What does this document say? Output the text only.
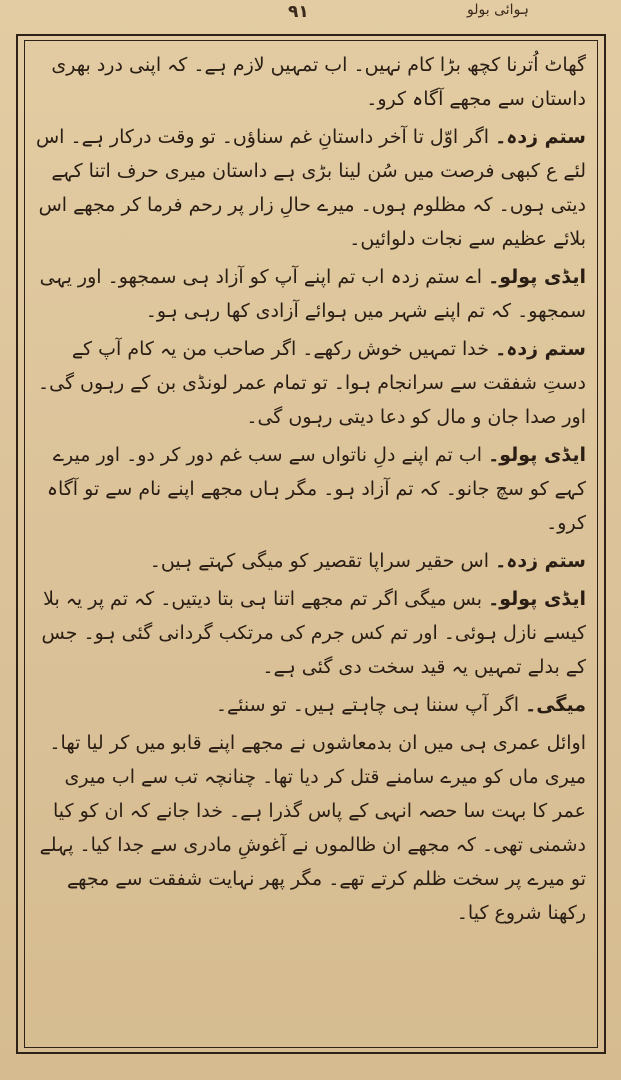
۹۱	ہوائی بولو

گھاٹ اُترنا کچھ بڑا کام نہیں۔ اب تمہیں لازم ہے۔ کہ اپنی درد بھری داستان سے مجھے آگاہ کرو۔

ستم زدہ۔ اگر اوّل تا آخر داستانِ غم سناؤں۔ تو وقت درکار ہے۔ اس لئے ع کبھی فرصت میں سُن لینا بڑی ہے داستان میری حرف اتنا کہے دیتی ہوں۔ کہ مظلوم ہوں۔ میرے حالِ زار پر رحم فرما کر مجھے اس بلائے عظیم سے نجات دلوائیں۔

ایڈی پولو۔ اے ستم زدہ اب تم اپنے آپ کو آزاد ہی سمجھو۔ اور یہی سمجھو۔ کہ تم اپنے شہر میں ہوائے آزادی کھا رہی ہو۔

ستم زدہ۔ خدا تمہیں خوش رکھے۔ اگر صاحب من یہ کام آپ کے دستِ شفقت سے سرانجام ہوا۔ تو تمام عمر لونڈی بن کے رہوں گی۔ اور صدا جان و مال کو دعا دیتی رہوں گی۔

ایڈی پولو۔ اب تم اپنے دلِ ناتواں سے سب غم دور کر دو۔ اور میرے کہے کو سچ جانو۔ کہ تم آزاد ہو۔ مگر ہاں مجھے اپنے نام سے تو آگاہ کرو۔

ستم زدہ۔ اس حقیر سراپا تقصیر کو میگی کہتے ہیں۔

ایڈی پولو۔ بس میگی اگر تم مجھے اتنا ہی بتا دیتیں۔ کہ تم پر یہ بلا کیسے نازل ہوئی۔ اور تم کس جرم کی مرتکب گردانی گئی ہو۔ جس کے بدلے تمہیں یہ قید سخت دی گئی ہے۔

میگی۔ اگر آپ سننا ہی چاہتے ہیں۔ تو سنئے۔

اوائل عمری ہی میں ان بدمعاشوں نے مجھے اپنے قابو میں کر لیا تھا۔ میری ماں کو میرے سامنے قتل کر دیا تھا۔ چنانچہ تب سے اب میری عمر کا بہت سا حصہ انہی کے پاس گذرا ہے۔ خدا جانے کہ ان کو کیا دشمنی تھی۔ کہ مجھے ان ظالموں نے آغوشِ مادری سے جدا کیا۔ پہلے تو میرے پر سخت ظلم کرتے تھے۔ مگر پھر نہایت شفقت سے مجھے رکھنا شروع کیا۔
